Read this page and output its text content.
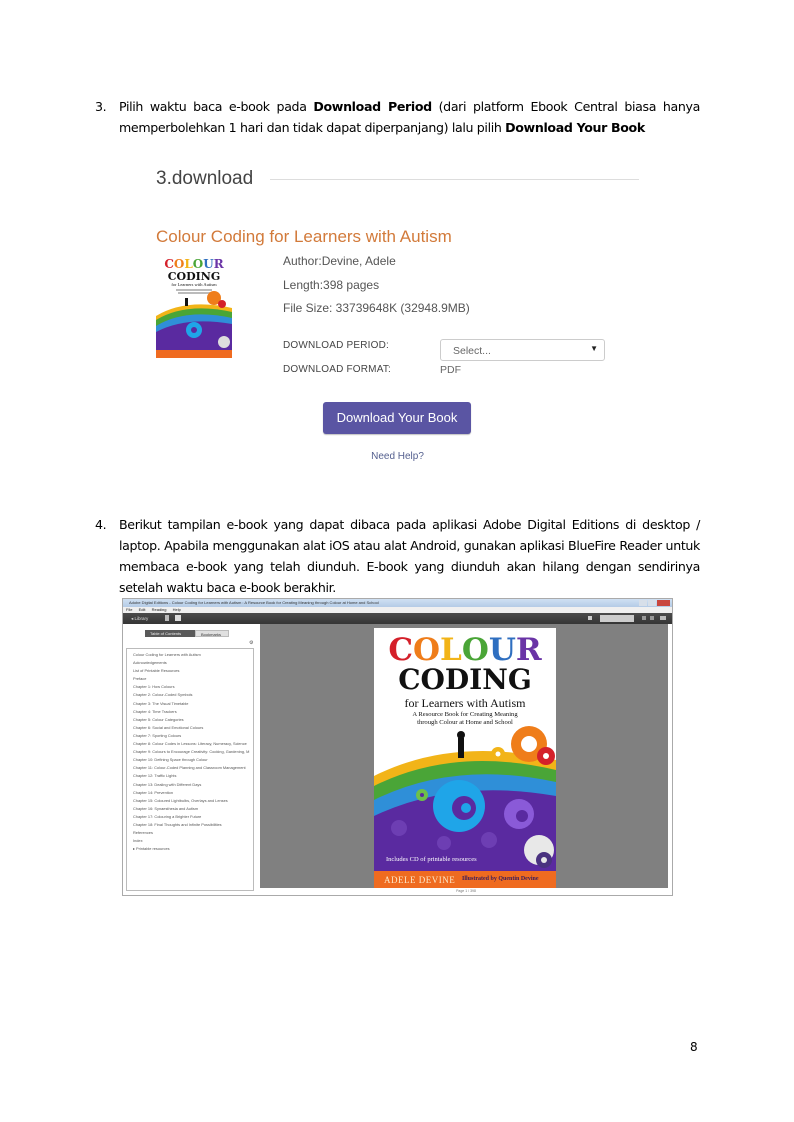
3. Pilih waktu baca e-book pada Download Period (dari platform Ebook Central biasa hanya memperbolehkan 1 hari dan tidak dapat diperpanjang) lalu pilih Download Your Book
3.download
Colour Coding for Learners with Autism
COLOUR
CODING
for Learners with Autism
Author:Devine, Adele
Length:398 pages
File Size: 33739648K (32948.9MB)
DOWNLOAD PERIOD:	Select...	▼
DOWNLOAD FORMAT:	PDF
Download Your Book
Need Help?
4. Berikut tampilan e-book yang dapat dibaca pada aplikasi Adobe Digital Editions di desktop / laptop. Apabila menggunakan alat iOS atau alat Android, gunakan aplikasi BlueFire Reader untuk membaca e-book yang telah diunduh. E-book yang diunduh akan hilang dengan sendirinya setelah waktu baca e-book berakhir.
Adobe Digital Editions - Colour Coding for Learners with Autism : A Resource Book for Creating Meaning through Colour at Home and School
File Edit Reading Help
◂ Library
Table of Contents	Bookmarks
⚙
Colour Coding for Learners with Autism
Acknowledgements
List of Printable Resources
Preface
Chapter 1: How Colours
Chapter 2: Colour-Coded Symbols
Chapter 3: The Visual Timetable
Chapter 4: Time Trackers
Chapter 5: Colour Categories
Chapter 6: Social and Emotional Colours
Chapter 7: Sporting Colours
Chapter 8: Colour Codes in Lessons: Literacy, Numeracy, Science
Chapter 9: Colours to Encourage Creativity: Cooking, Gardening, M
Chapter 10: Defining Space through Colour
Chapter 11: Colour-Coded Planning and Classroom Management
Chapter 12: Traffic Lights
Chapter 13: Dealing with Different Days
Chapter 14: Prevention
Chapter 15: Coloured Lightbulbs, Overlays and Lenses
Chapter 16: Synaesthesia and Autism
Chapter 17: Colouring a Brighter Future
Chapter 18: Final Thoughts and Infinite Possibilities
References
Index
▸ Printable resources
COLOUR
CODING
for Learners with Autism
A Resource Book for Creating Meaning
through Colour at Home and School
Includes CD of printable resources
ADELE DEVINE Illustrated by Quentin Devine
Page 1 / 398
8
